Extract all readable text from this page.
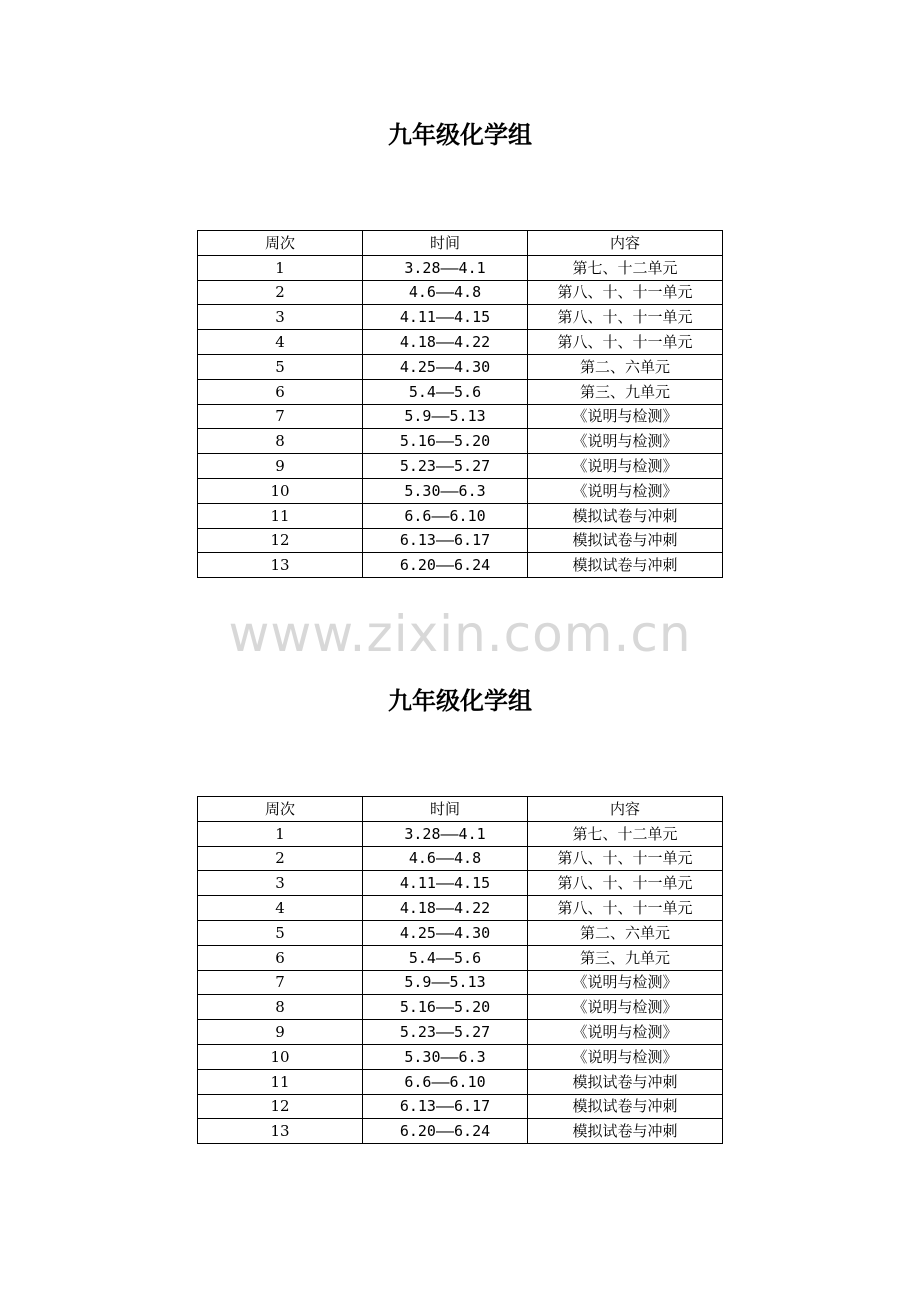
九年级化学组
周次	时间	内容
1	3.28——4.1	第七、十二单元
2	4.6——4.8	第八、十、十一单元
3	4.11——4.15	第八、十、十一单元
4	4.18——4.22	第八、十、十一单元
5	4.25——4.30	第二、六单元
6	5.4——5.6	第三、九单元
7	5.9——5.13	《说明与检测》
8	5.16——5.20	《说明与检测》
9	5.23——5.27	《说明与检测》
10	5.30——6.3	《说明与检测》
11	6.6——6.10	模拟试卷与冲刺
12	6.13——6.17	模拟试卷与冲刺
13	6.20——6.24	模拟试卷与冲刺
www.zixin.com.cn
九年级化学组
周次	时间	内容
1	3.28——4.1	第七、十二单元
2	4.6——4.8	第八、十、十一单元
3	4.11——4.15	第八、十、十一单元
4	4.18——4.22	第八、十、十一单元
5	4.25——4.30	第二、六单元
6	5.4——5.6	第三、九单元
7	5.9——5.13	《说明与检测》
8	5.16——5.20	《说明与检测》
9	5.23——5.27	《说明与检测》
10	5.30——6.3	《说明与检测》
11	6.6——6.10	模拟试卷与冲刺
12	6.13——6.17	模拟试卷与冲刺
13	6.20——6.24	模拟试卷与冲刺
